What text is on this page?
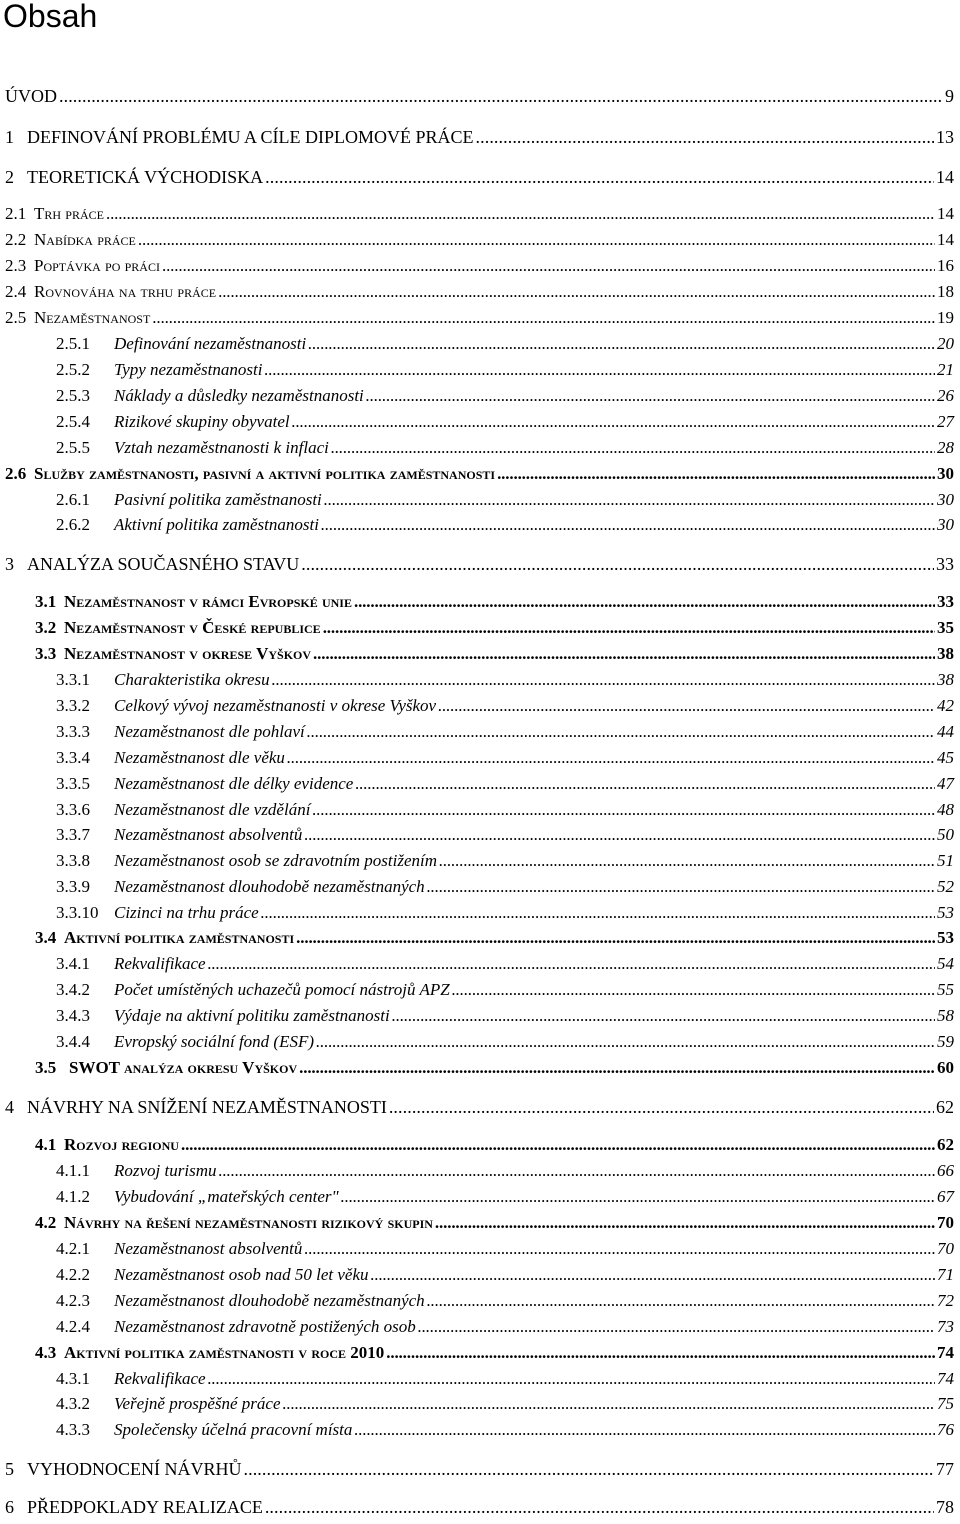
Obsah
ÚVOD . . .	9
1 DEFINOVÁNÍ PROBLÉMU A CÍLE DIPLOMOVÉ PRÁCE . . .	13
2 TEORETICKÁ VÝCHODISKA . . .	14
2.1 Trh práce . . .	14
2.2 Nabídka práce . . .	14
2.3 Poptávka po práci . . .	16
2.4 Rovnováha na trhu práce . . .	18
2.5 Nezaměstnanost . . .	19
2.5.1	Definování nezaměstnanosti . . .	20
2.5.2	Typy nezaměstnanosti . . .	21
2.5.3	Náklady a důsledky nezaměstnanosti . . .	26
2.5.4	Rizikové skupiny obyvatel . . .	27
2.5.5	Vztah nezaměstnanosti k inflaci . . .	28
2.6 Služby zaměstnanosti, pasivní a aktivní politika zaměstnanosti . . .	30
2.6.1	Pasivní politika zaměstnanosti . . .	30
2.6.2	Aktivní politika zaměstnanosti . . .	30
3 ANALÝZA SOUČASNÉHO STAVU . . .	33
3.1 Nezaměstnanost v rámci Evropské unie . . .	33
3.2 Nezaměstnanost v České republice . . .	35
3.3 Nezaměstnanost v okrese Vyškov . . .	38
3.3.1	Charakteristika okresu . . .	38
3.3.2	Celkový vývoj nezaměstnanosti v okrese Vyškov . . .	42
3.3.3	Nezaměstnanost dle pohlaví . . .	44
3.3.4	Nezaměstnanost dle věku . . .	45
3.3.5	Nezaměstnanost dle délky evidence . . .	47
3.3.6	Nezaměstnanost dle vzdělání . . .	48
3.3.7	Nezaměstnanost absolventů . . .	50
3.3.8	Nezaměstnanost osob se zdravotním postižením . . .	51
3.3.9	Nezaměstnanost dlouhodobě nezaměstnaných . . .	52
3.3.10 Cizinci na trhu práce . . .	53
3.4 Aktivní politika zaměstnanosti . . .	53
3.4.1	Rekvalifikace . . .	54
3.4.2	Počet umístěných uchazečů pomocí nástrojů APZ . . .	55
3.4.3	Výdaje na aktivní politiku zaměstnanosti . . .	58
3.4.4	Evropský sociální fond (ESF) . . .	59
3.5 SWOT analýza okresu Vyškov . . .	60
4 NÁVRHY NA SNÍŽENÍ NEZAMĚSTNANOSTI . . .	62
4.1 Rozvoj regionu . . .	62
4.1.1	Rozvoj turismu . . .	66
4.1.2	Vybudování „mateřských center" . . .	67
4.2 Návrhy na řešení nezaměstnanosti rizikový skupin . . .	70
4.2.1	Nezaměstnanost absolventů . . .	70
4.2.2	Nezaměstnanost osob nad 50 let věku . . .	71
4.2.3	Nezaměstnanost dlouhodobě nezaměstnaných . . .	72
4.2.4	Nezaměstnanost zdravotně postižených osob . . .	73
4.3 Aktivní politika zaměstnanosti v roce 2010 . . .	74
4.3.1	Rekvalifikace . . .	74
4.3.2	Veřejně prospěšné práce . . .	75
4.3.3	Společensky účelná pracovní místa . . .	76
5 VYHODNOCENÍ NÁVRHŮ . . .	77
6 PŘEDPOKLADY REALIZACE . . .	78
